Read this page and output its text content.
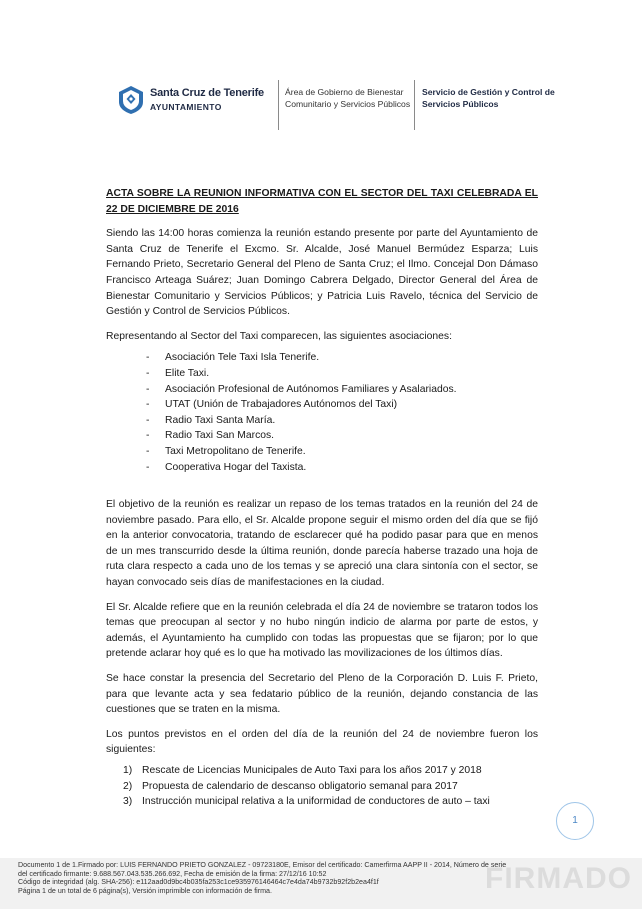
Santa Cruz de Tenerife
AYUNTAMIENTO
Área de Gobierno de Bienestar
Comunitario y Servicios Públicos
Servicio de Gestión y Control de
Servicios Públicos
ACTA SOBRE LA REUNION INFORMATIVA CON EL SECTOR DEL TAXI CELEBRADA EL 22 DE DICIEMBRE DE 2016
Siendo las 14:00 horas comienza la reunión estando presente por parte del Ayuntamiento de Santa Cruz de Tenerife el Excmo. Sr. Alcalde, José Manuel Bermúdez Esparza; Luis Fernando Prieto, Secretario General del Pleno de Santa Cruz; el Ilmo. Concejal Don Dámaso Francisco Arteaga Suárez; Juan Domingo Cabrera Delgado, Director General del Área de Bienestar Comunitario y Servicios Públicos; y Patricia Luis Ravelo, técnica del Servicio de Gestión y Control de Servicios Públicos.
Representando al Sector del Taxi comparecen, las siguientes asociaciones:
- Asociación Tele Taxi Isla Tenerife.
- Elite Taxi.
- Asociación Profesional de Autónomos Familiares y Asalariados.
- UTAT (Unión de Trabajadores Autónomos del Taxi)
- Radio Taxi Santa María.
- Radio Taxi San Marcos.
- Taxi Metropolitano de Tenerife.
- Cooperativa Hogar del Taxista.
El objetivo de la reunión es realizar un repaso de los temas tratados en la reunión del 24 de noviembre pasado. Para ello, el Sr. Alcalde propone seguir el mismo orden del día que se fijó en la anterior convocatoria, tratando de esclarecer qué ha podido pasar para que en menos de un mes transcurrido desde la última reunión, donde parecía haberse trazado una hoja de ruta clara respecto a cada uno de los temas y se apreció una clara sintonía con el sector, se hayan convocado seis días de manifestaciones en la ciudad.
El Sr. Alcalde refiere que en la reunión celebrada el día 24 de noviembre se trataron todos los temas que preocupan al sector y no hubo ningún indicio de alarma por parte de estos, y además, el Ayuntamiento ha cumplido con todas las propuestas que se fijaron; por lo que pretende aclarar hoy qué es lo que ha motivado las movilizaciones de los últimos días.
Se hace constar la presencia del Secretario del Pleno de la Corporación D. Luis F. Prieto, para que levante acta y sea fedatario público de la reunión, dejando constancia de las cuestiones que se traten en la misma.
Los puntos previstos en el orden del día de la reunión del 24 de noviembre fueron los siguientes:
1) Rescate de Licencias Municipales de Auto Taxi para los años 2017 y 2018
2) Propuesta de calendario de descanso obligatorio semanal para 2017
3) Instrucción municipal relativa a la uniformidad de conductores de auto – taxi
1
FIRMADO
Documento 1 de 1.Firmado por: LUIS FERNANDO PRIETO GONZALEZ - 09723180E, Emisor del certificado: Camerfirma AAPP II - 2014, Número de serie
del certificado firmante: 9.688.567.043.535.266.692, Fecha de emisión de la firma: 27/12/16 10:52
Código de integridad (alg. SHA-256): e112aad0d9bc4b035fa253c1ce935976146464c7e4da74b9732b92f2b2ea4f1f
Página 1 de un total de 6 página(s), Versión imprimible con información de firma.
